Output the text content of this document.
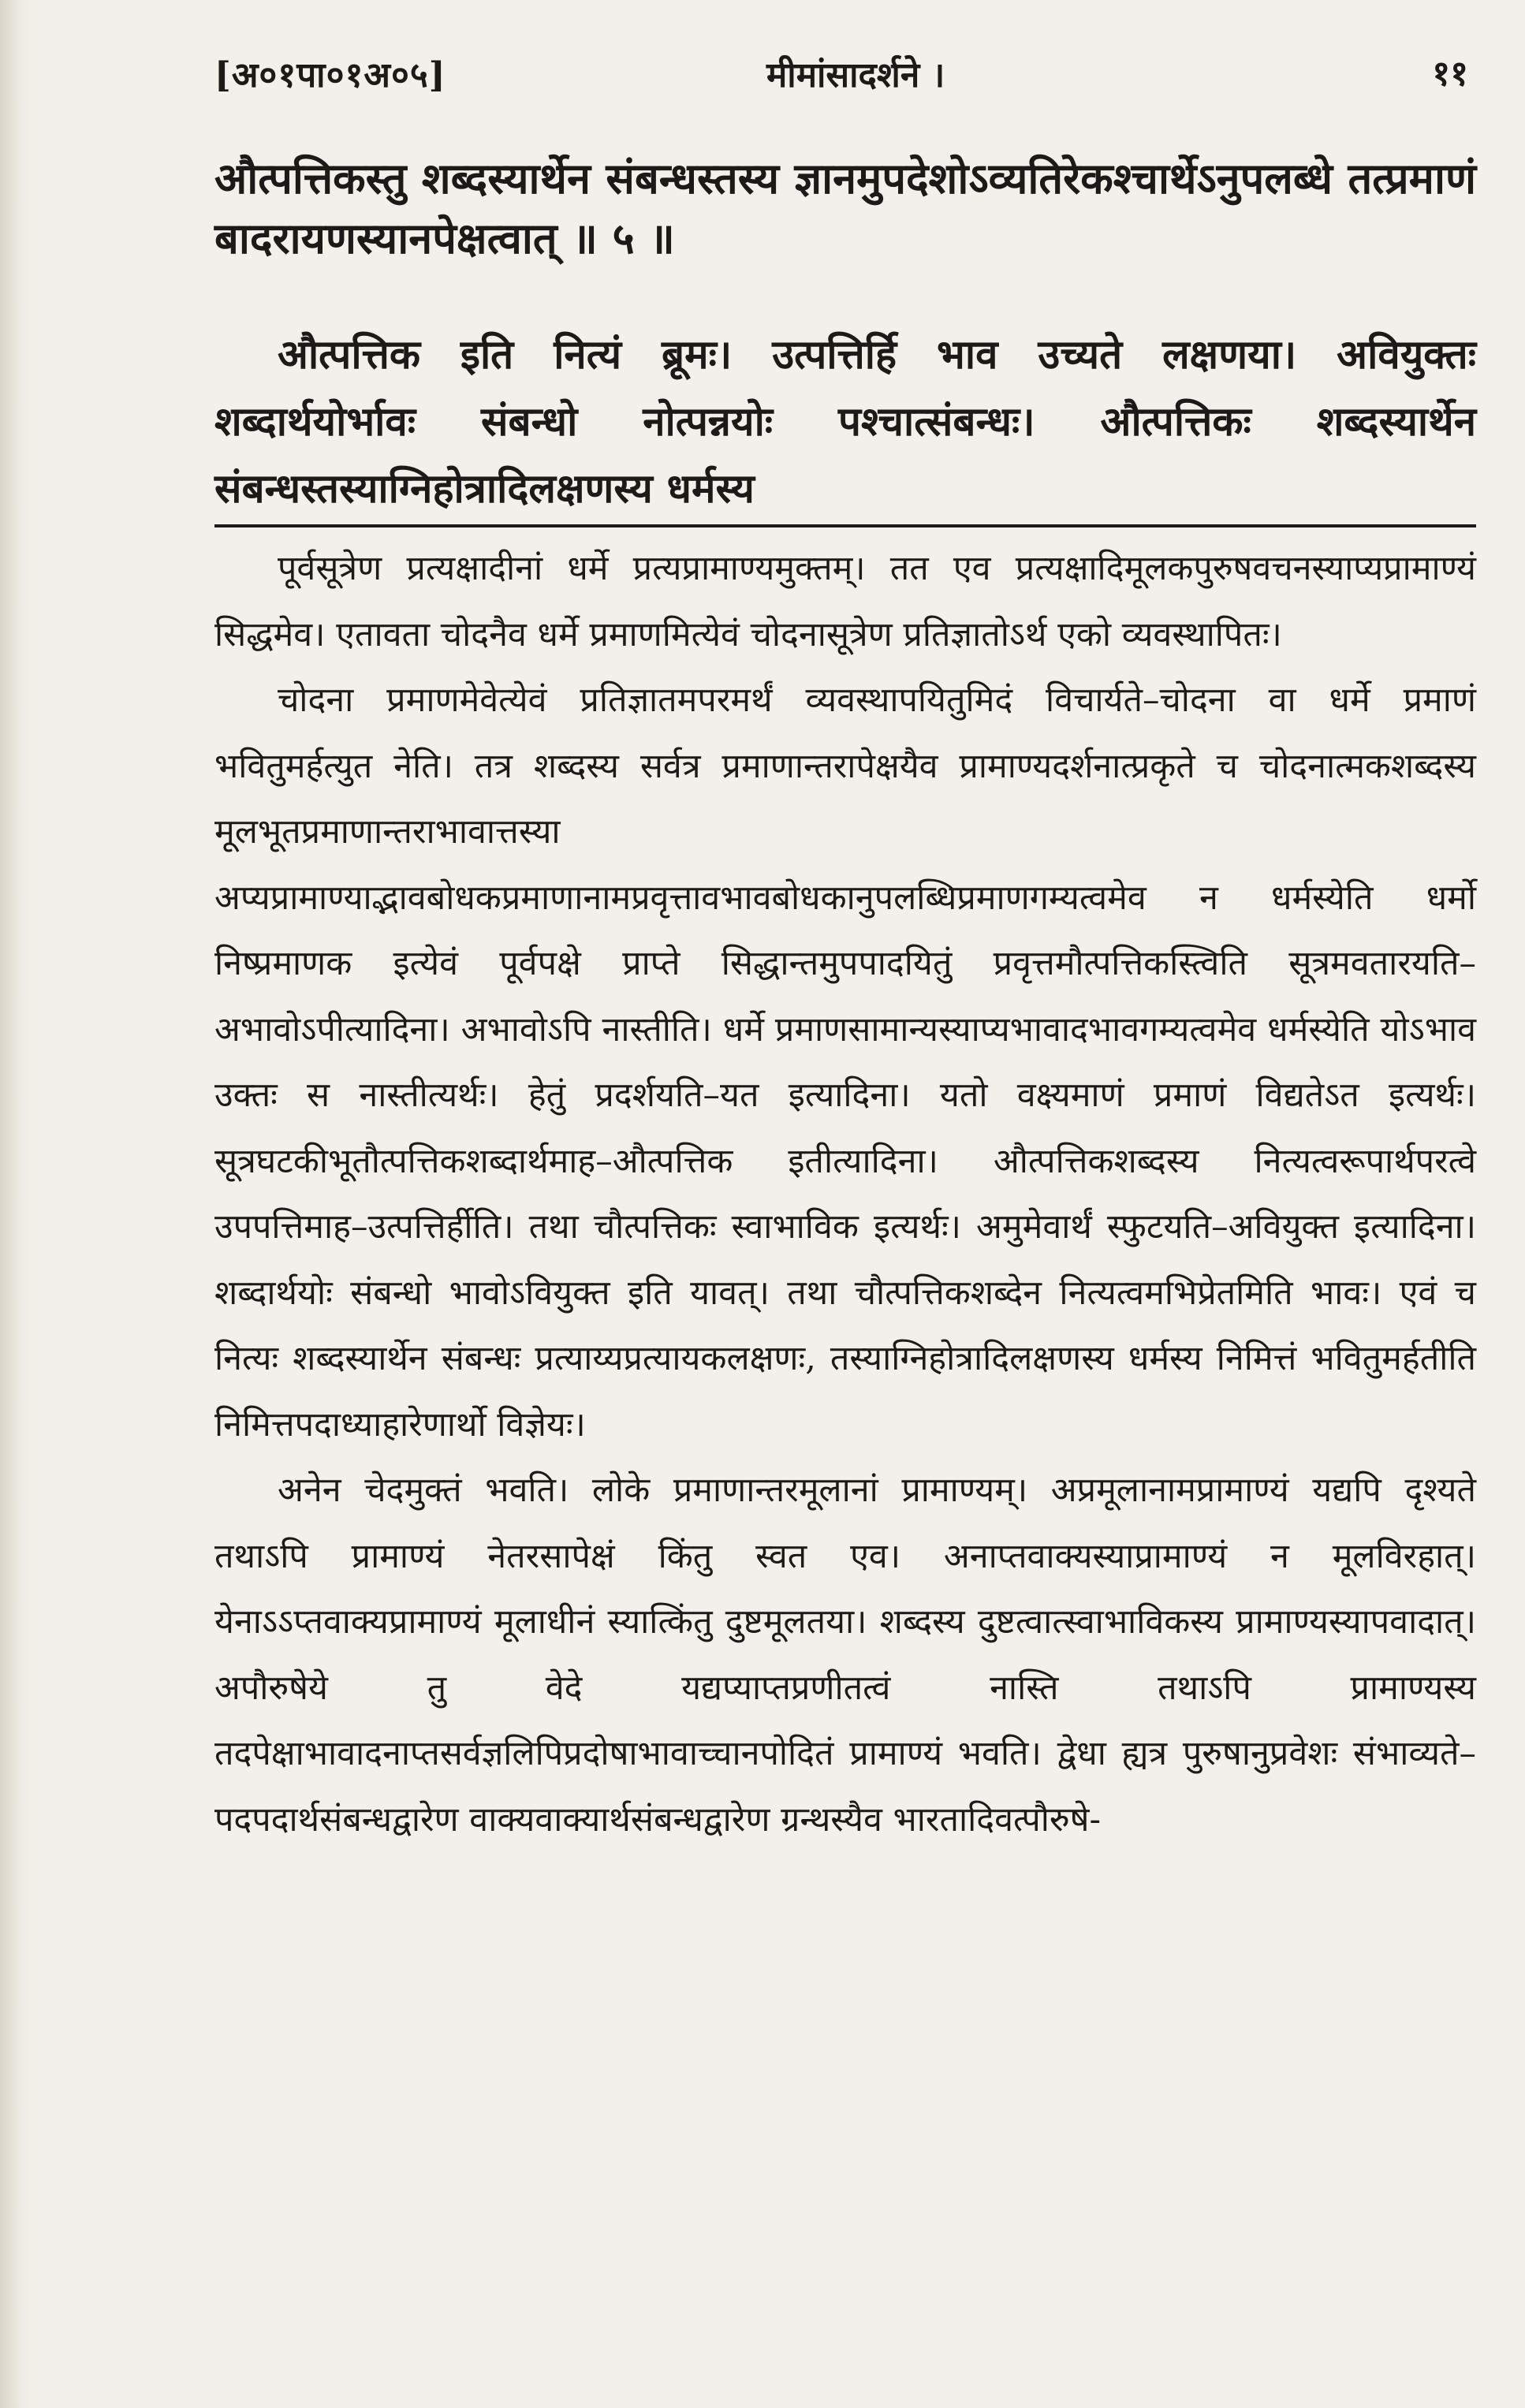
[अ०१पा०१अ०५]	मीमांसादर्शने ।	११
औत्पत्तिकस्तु शब्दस्यार्थेन संबन्धस्तस्य ज्ञानमुपदेशोऽव्यतिरेकश्चार्थेऽनुपलब्धे तत्प्रमाणं बादरायणस्यानपेक्षत्वात् ॥ ५ ॥
औत्पत्तिक इति नित्यं ब्रूमः। उत्पत्तिर्हि भाव उच्यते लक्षणया। अवियुक्तः शब्दार्थयोर्भावः संबन्धो नोत्पन्नयोः पश्चात्संबन्धः। औत्पत्तिकः शब्दस्यार्थेन संबन्धस्तस्याग्निहोत्रादिलक्षणस्य धर्मस्य

पूर्वसूत्रेण प्रत्यक्षादीनां धर्मे प्रत्यप्रामाण्यमुक्तम्। तत एव प्रत्यक्षादिमूलकपुरुषवचनस्याप्यप्रामाण्यं सिद्धमेव। एतावता चोदनैव धर्मे प्रमाणमित्येवं चोदनासूत्रेण प्रतिज्ञातोऽर्थ एको व्यवस्थापितः।

चोदना प्रमाणमेवेत्येवं प्रतिज्ञातमपरमर्थं व्यवस्थापयितुमिदं विचार्यते–चोदना वा धर्मे प्रमाणं भवितुमर्हत्युत नेति। तत्र शब्दस्य सर्वत्र प्रमाणान्तरापेक्षयैव प्रामाण्यदर्शनात्प्रकृते च चोदनात्मकशब्दस्य मूलभूतप्रमाणान्तराभावात्तस्या अप्यप्रामाण्याद्भावबोधकप्रमाणानामप्रवृत्तावभावबोधकानुपलब्धिप्रमाणगम्यत्वमेव न धर्मस्येति धर्मो निष्प्रमाणक इत्येवं पूर्वपक्षे प्राप्ते सिद्धान्तमुपपादयितुं प्रवृत्तमौत्पत्तिकस्त्विति सूत्रमवतारयति–अभावोऽपीत्यादिना। अभावोऽपि नास्तीति। धर्मे प्रमाणसामान्यस्याप्यभावादभावगम्यत्वमेव धर्मस्येति योऽभाव उक्तः स नास्तीत्यर्थः। हेतुं प्रदर्शयति–यत इत्यादिना। यतो वक्ष्यमाणं प्रमाणं विद्यतेऽत इत्यर्थः। सूत्रघटकीभूतौत्पत्तिकशब्दार्थमाह–औत्पत्तिक इतीत्यादिना। औत्पत्तिकशब्दस्य नित्यत्वरूपार्थपरत्वे उपपत्तिमाह–उत्पत्तिर्हीति। तथा चौत्पत्तिकः स्वाभाविक इत्यर्थः। अमुमेवार्थं स्फुटयति–अवियुक्त इत्यादिना। शब्दार्थयोः संबन्धो भावोऽवियुक्त इति यावत्। तथा चौत्पत्तिकशब्देन नित्यत्वमभिप्रेतमिति भावः। एवं च नित्यः शब्दस्यार्थेन संबन्धः प्रत्याय्यप्रत्यायकलक्षणः, तस्याग्निहोत्रादिलक्षणस्य धर्मस्य निमित्तं भवितुमर्हतीति निमित्तपदाध्याहारेणार्थो विज्ञेयः।

अनेन चेदमुक्तं भवति। लोके प्रमाणान्तरमूलानां प्रामाण्यम्। अप्रमूलानामप्रामाण्यं यद्यपि दृश्यते तथाऽपि प्रामाण्यं नेतरसापेक्षं किंतु स्वत एव। अनाप्तवाक्यस्याप्रामाण्यं न मूलविरहात्। येनाऽऽप्तवाक्यप्रामाण्यं मूलाधीनं स्यात्किंतु दुष्टमूलतया। शब्दस्य दुष्टत्वात्स्वाभाविकस्य प्रामाण्यस्यापवादात्। अपौरुषेये तु वेदे यद्यप्याप्तप्रणीतत्वं नास्ति तथाऽपि प्रामाण्यस्य तदपेक्षाभावादनाप्तसर्वज्ञलिपिप्रदोषाभावाच्चानपोदितं प्रामाण्यं भवति। द्वेधा ह्यत्र पुरुषानुप्रवेशः संभाव्यते–पदपदार्थसंबन्धद्वारेण वाक्यवाक्यार्थसंबन्धद्वारेण ग्रन्थस्यैव भारतादिवत्पौरुषे-
